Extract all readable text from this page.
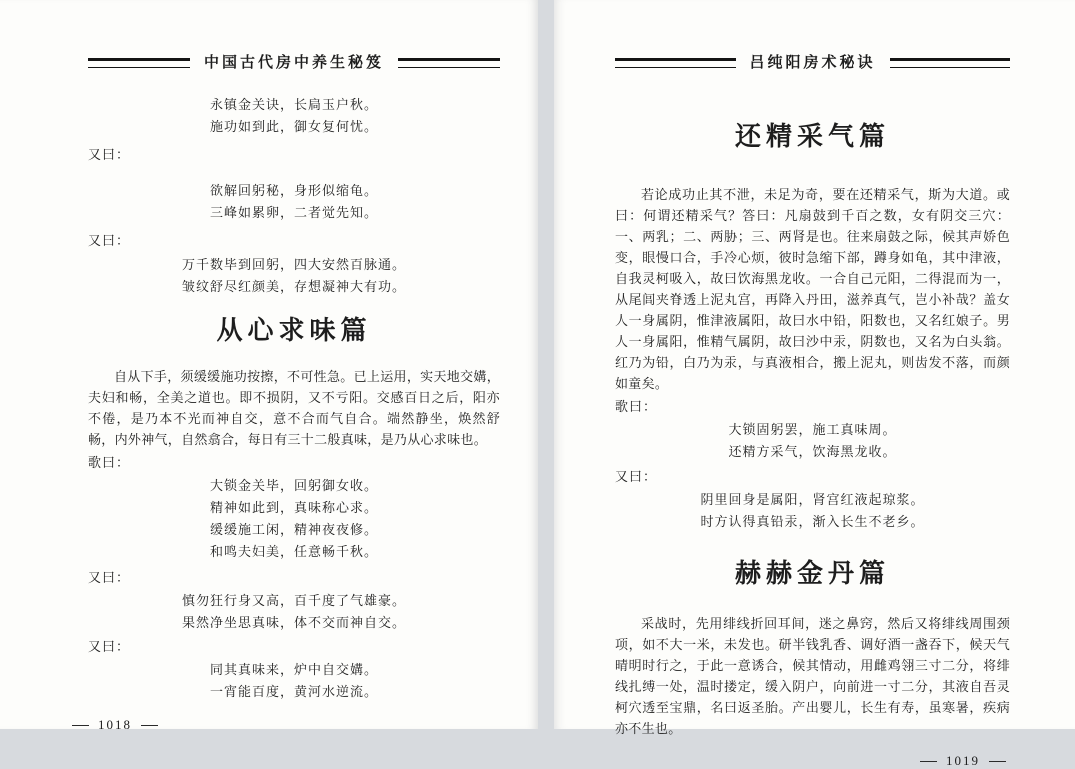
中国古代房中养生秘笈
永镇金关诀，长扃玉户秋。
施功如到此，御女复何忧。
又曰：
欲解回躬秘，身形似缩龟。
三峰如累卵，二者觉先知。
又曰：
万千数毕到回躬，四大安然百脉通。
皱纹舒尽红颜美，存想凝神大有功。
从心求味篇

自从下手，须缓缓施功按擦，不可性急。已上运用，实天地交媾，夫妇和畅，全美之道也。即不损阴，又不亏阳。交感百日之后，阳亦不倦，是乃本不光而神自交，意不合而气自合。端然静坐，焕然舒畅，内外神气，自然翕合，每日有三十二般真味，是乃从心求味也。

歌曰：
大锁金关毕，回躬御女收。
精神如此到，真味称心求。
缓缓施工闲，精神夜夜修。
和鸣夫妇美，任意畅千秋。
又曰：
慎勿狂行身又高，百千度了气雄豪。
果然净坐思真味，体不交而神自交。
又曰：
同其真味来，炉中自交媾。
一宵能百度，黄河水逆流。
1018
吕纯阳房术秘诀
还精采气篇

若论成功止其不泄，未足为奇，要在还精采气，斯为大道。或曰：何谓还精采气？答曰：凡扇鼓到千百之数，女有阴交三穴：一、两乳；二、两胁；三、两肾是也。往来扇鼓之际，候其声娇色变，眼慢口合，手冷心烦，彼时急缩下部，蹲身如龟，其中津液，自我灵柯吸入，故曰饮海黑龙收。一合自己元阳，二得混而为一，从尾闾夹脊透上泥丸宫，再降入丹田，滋养真气，岂小补哉？盖女人一身属阴，惟津液属阳，故曰水中铅，阳数也，又名红娘子。男人一身属阳，惟精气属阴，故曰沙中汞，阴数也，又名为白头翁。红乃为铅，白乃为汞，与真液相合，搬上泥丸，则齿发不落，而颜如童矣。

歌曰：
大锁固躬罢，施工真味周。
还精方采气，饮海黑龙收。
又曰：
阴里回身是属阳，肾宫红液起琼浆。
时方认得真铅汞，渐入长生不老乡。
赫赫金丹篇

采战时，先用绯线折回耳间，迷之鼻窍，然后又将绯线周围颈项，如不大一米，未发也。研半钱乳香、调好酒一盏吞下，候天气晴明时行之，于此一意诱合，候其情动，用雌鸡翎三寸二分，将绯线扎缚一处，温时搂定，缓入阴户，向前进一寸二分，其液自吾灵柯穴透至宝鼎，名曰返圣胎。产出婴儿，长生有寿，虽寒暑，疾病亦不生也。

1019
